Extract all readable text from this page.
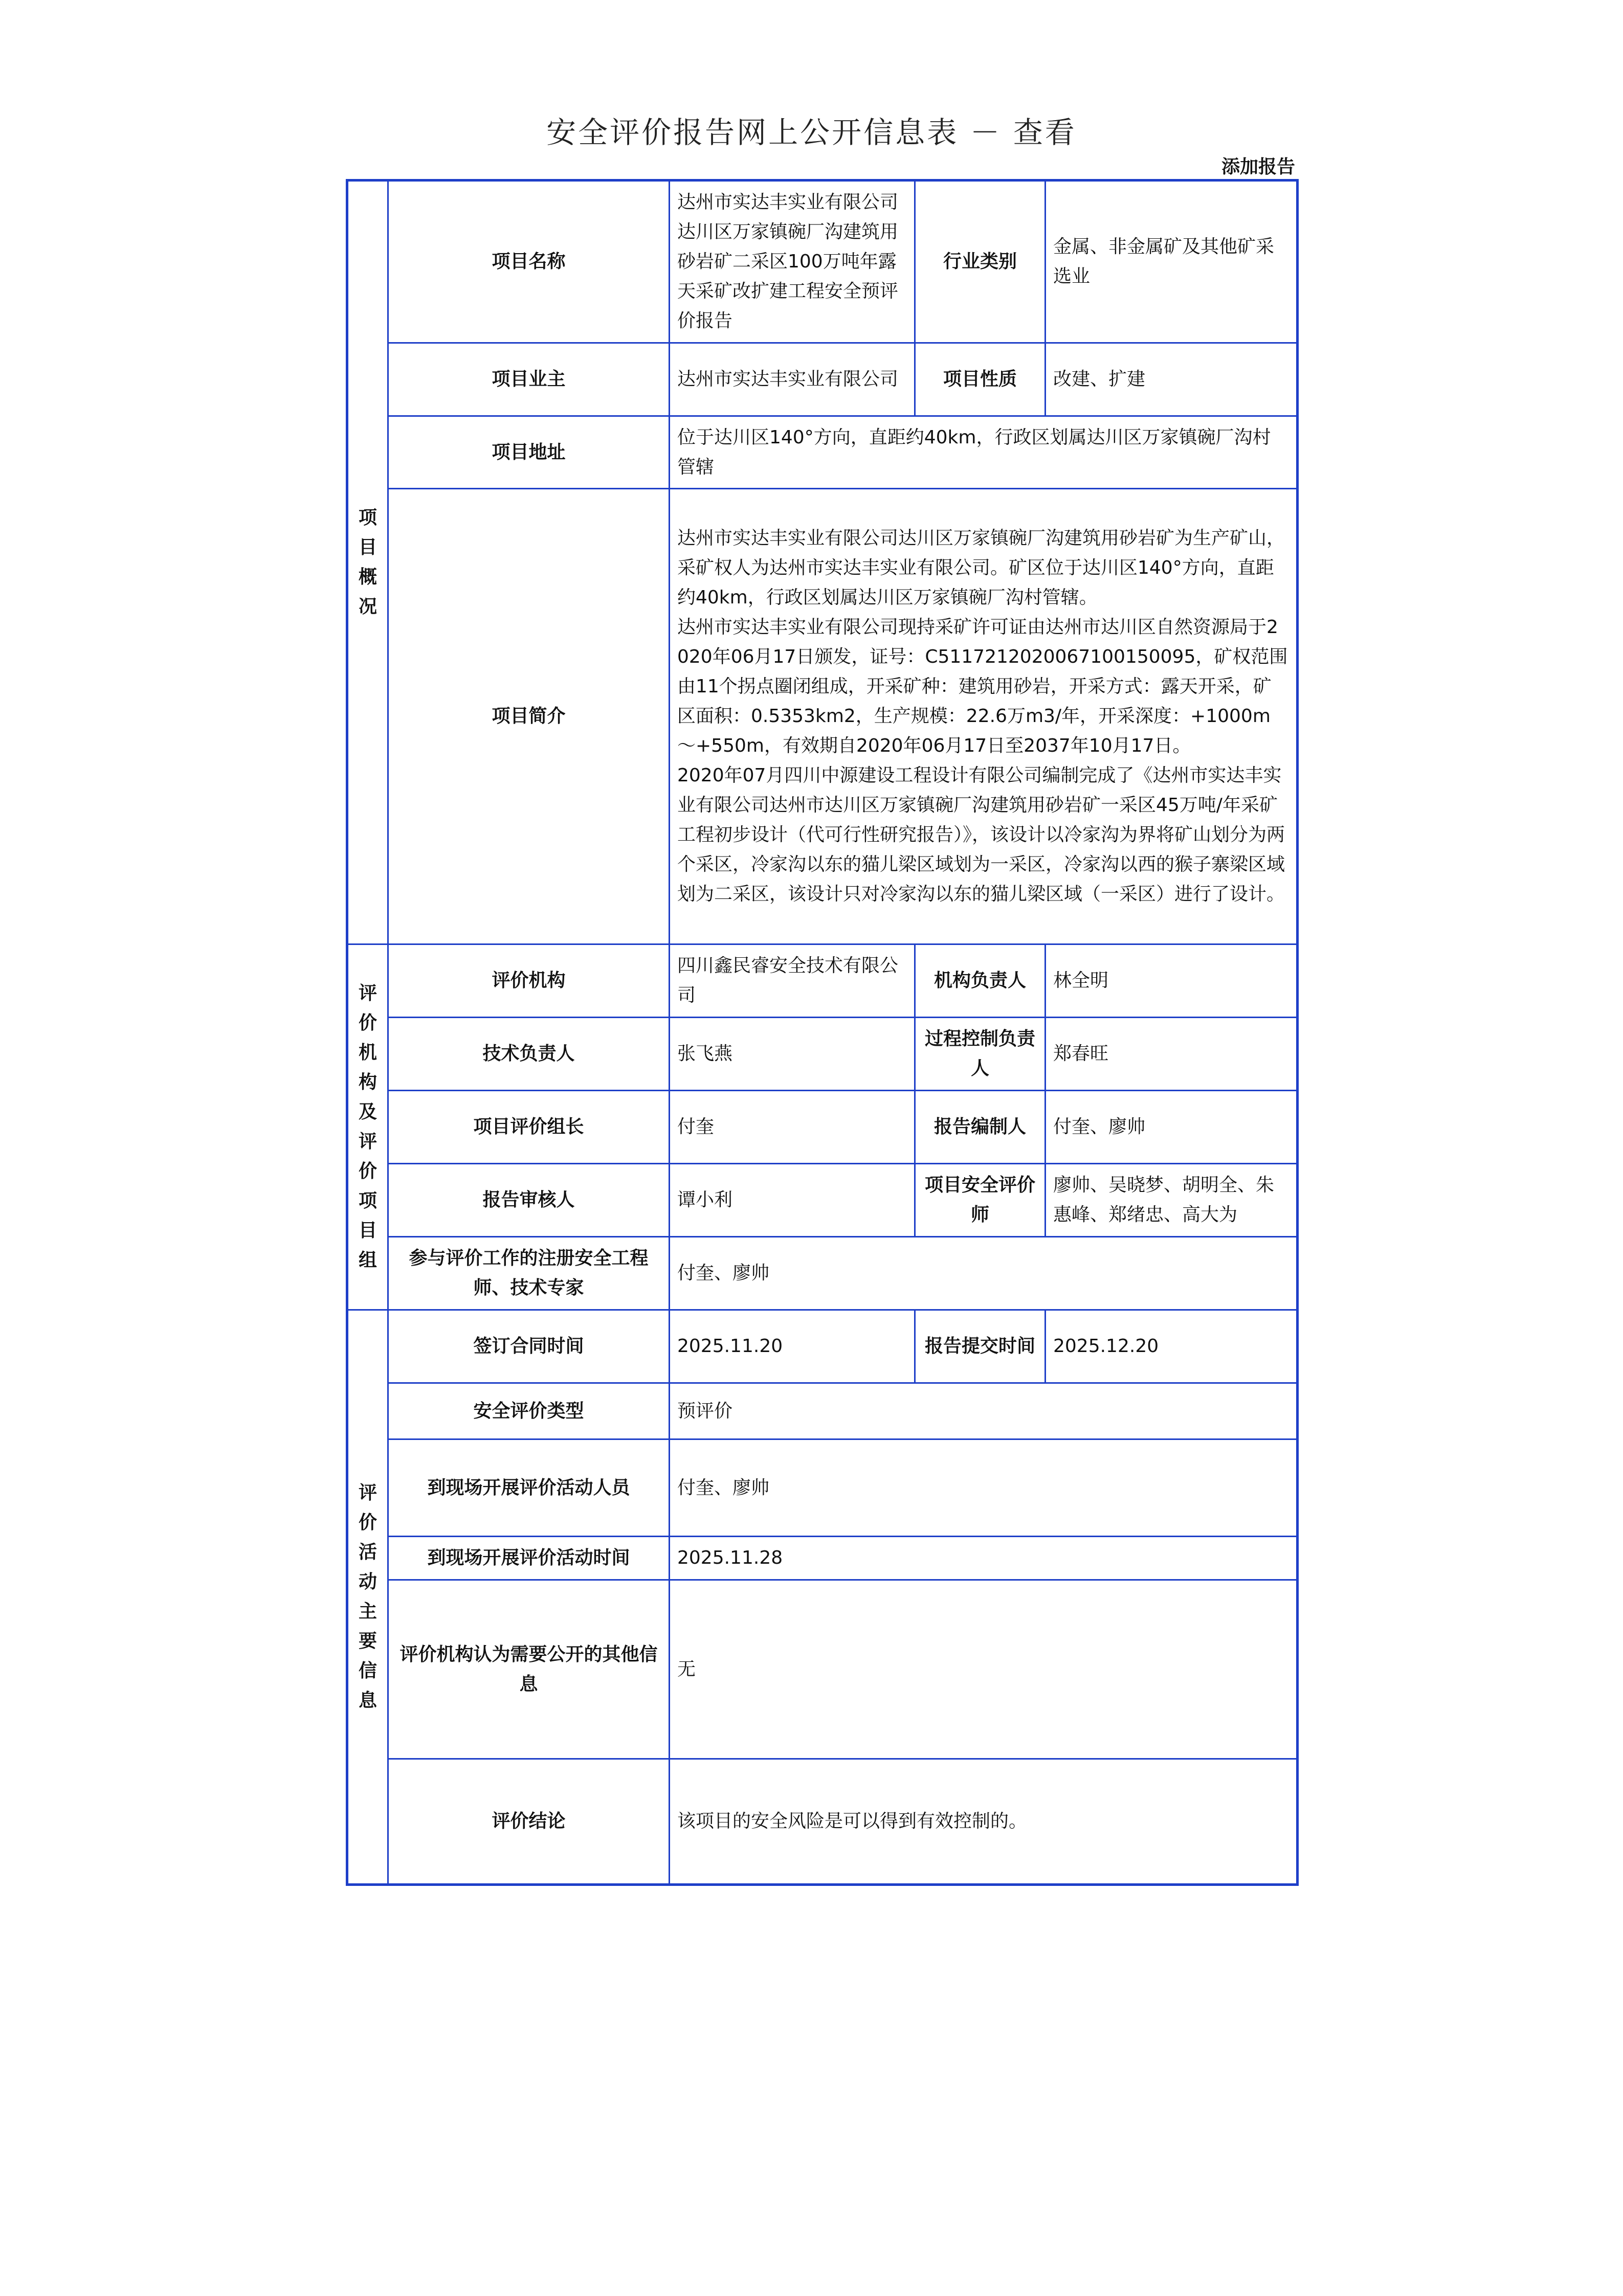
安全评价报告网上公开信息表 － 查看
添加报告
项目概况	项目名称	达州市实达丰实业有限公司达川区万家镇碗厂沟建筑用砂岩矿二采区100万吨年露天采矿改扩建工程安全预评价报告	行业类别	金属、非金属矿及其他矿采选业
	项目业主	达州市实达丰实业有限公司	项目性质	改建、扩建
	项目地址	位于达川区140°方向，直距约40km，行政区划属达川区万家镇碗厂沟村管辖		
	项目简介	达州市实达丰实业有限公司达川区万家镇碗厂沟建筑用砂岩矿为生产矿山，采矿权人为达州市实达丰实业有限公司。矿区位于达川区140°方向，直距约40km，行政区划属达川区万家镇碗厂沟村管辖。
达州市实达丰实业有限公司现持采矿许可证由达州市达川区自然资源局于2020年06月17日颁发，证号：C5117212020067100150095，矿权范围由11个拐点圈闭组成，开采矿种：建筑用砂岩，开采方式：露天开采，矿区面积：0.5353km2，生产规模：22.6万m3/年，开采深度：+1000m～+550m，有效期自2020年06月17日至2037年10月17日。
2020年07月四川中源建设工程设计有限公司编制完成了《达州市实达丰实业有限公司达州市达川区万家镇碗厂沟建筑用砂岩矿一采区45万吨/年采矿工程初步设计（代可行性研究报告）》，该设计以冷家沟为界将矿山划分为两个采区，冷家沟以东的猫儿梁区域划为一采区，冷家沟以西的猴子寨梁区域划为二采区，该设计只对冷家沟以东的猫儿梁区域（一采区）进行了设计。		

评价机构及评价项目组	评价机构	四川鑫民睿安全技术有限公司	机构负责人	林全明
	技术负责人	张飞燕	过程控制负责人	郑春旺
	项目评价组长	付奎	报告编制人	付奎、廖帅
	报告审核人	谭小利	项目安全评价师	廖帅、吴晓梦、胡明全、朱惠峰、郑绪忠、高大为
	参与评价工作的注册安全工程师、技术专家	付奎、廖帅		
评价活动主要信息	签订合同时间	2025.11.20	报告提交时间	2025.12.20
	安全评价类型	预评价		
	到现场开展评价活动人员	付奎、廖帅		
	到现场开展评价活动时间	2025.11.28		
	评价机构认为需要公开的其他信息	无		
	评价结论	该项目的安全风险是可以得到有效控制的。		
